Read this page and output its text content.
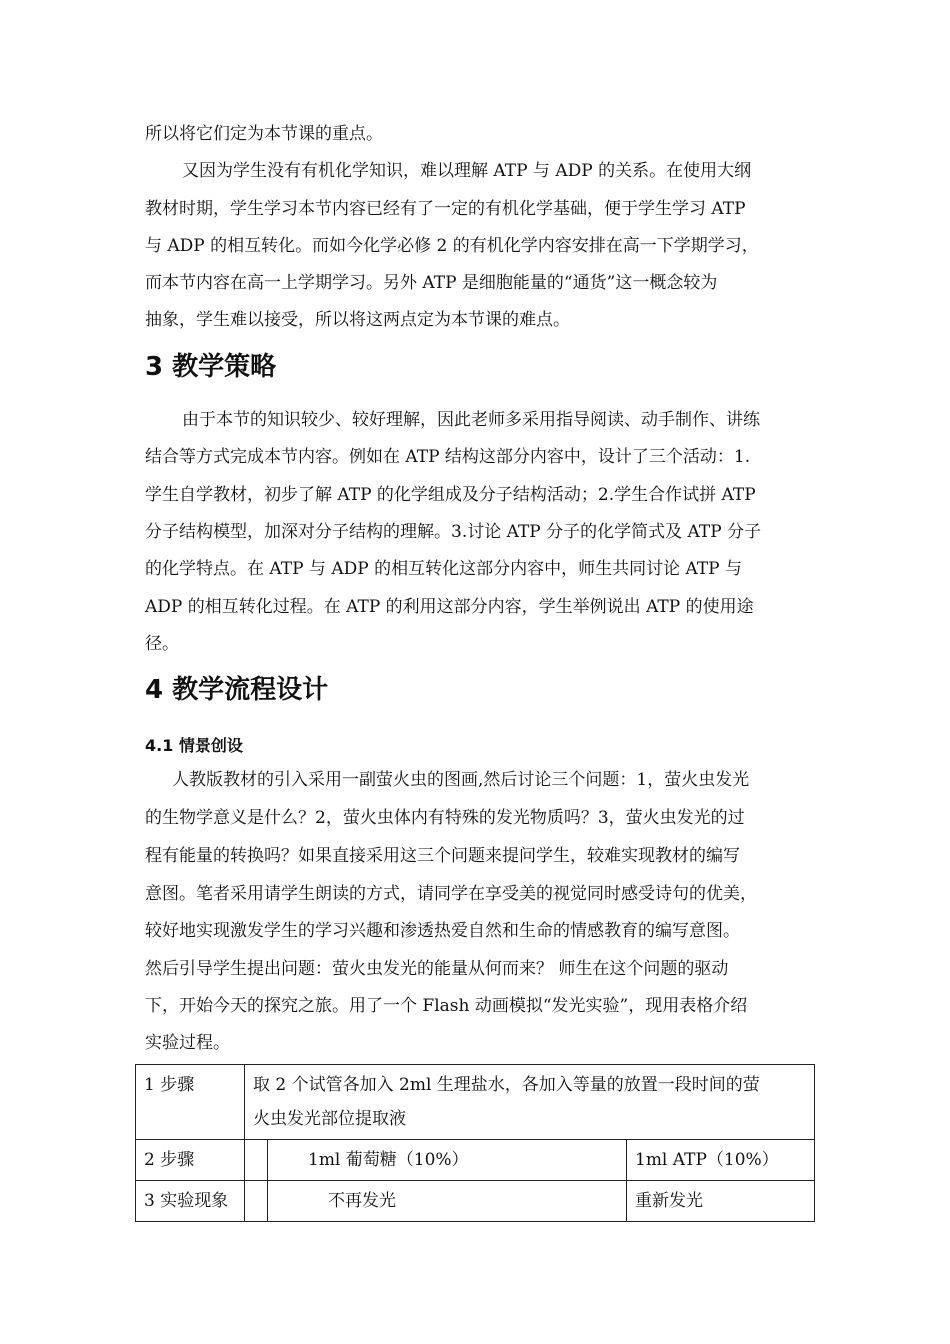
所以将它们定为本节课的重点。
又因为学生没有有机化学知识，难以理解 ATP 与 ADP 的关系。在使用大纲
教材时期，学生学习本节内容已经有了一定的有机化学基础，便于学生学习 ATP
与 ADP 的相互转化。而如今化学必修 2 的有机化学内容安排在高一下学期学习，
而本节内容在高一上学期学习。另外 ATP 是细胞能量的“通货”这一概念较为
抽象，学生难以接受，所以将这两点定为本节课的难点。
3 教学策略
由于本节的知识较少、较好理解，因此老师多采用指导阅读、动手制作、讲练
结合等方式完成本节内容。例如在 ATP 结构这部分内容中，设计了三个活动：1.
学生自学教材，初步了解 ATP 的化学组成及分子结构活动；2.学生合作试拼 ATP
分子结构模型，加深对分子结构的理解。3.讨论 ATP 分子的化学简式及 ATP 分子
的化学特点。在 ATP 与 ADP 的相互转化这部分内容中，师生共同讨论 ATP 与
ADP 的相互转化过程。在 ATP 的利用这部分内容，学生举例说出 ATP 的使用途
径。
4 教学流程设计
4.1 情景创设
人教版教材的引入采用一副萤火虫的图画,然后讨论三个问题：1，萤火虫发光
的生物学意义是什么？2，萤火虫体内有特殊的发光物质吗？3，萤火虫发光的过
程有能量的转换吗？如果直接采用这三个问题来提问学生，较难实现教材的编写
意图。笔者采用请学生朗读的方式，请同学在享受美的视觉同时感受诗句的优美，
较好地实现激发学生的学习兴趣和渗透热爱自然和生命的情感教育的编写意图。
然后引导学生提出问题：萤火虫发光的能量从何而来？ 师生在这个问题的驱动
下，开始今天的探究之旅。用了一个 Flash 动画模拟“发光实验”，现用表格介绍
实验过程。
1 步骤	取 2 个试管各加入 2ml 生理盐水，各加入等量的放置一段时间的萤
火虫发光部位提取液		

2 步骤		1ml 葡萄糖（10%）	1ml ATP（10%）
3 实验现象		不再发光	重新发光
